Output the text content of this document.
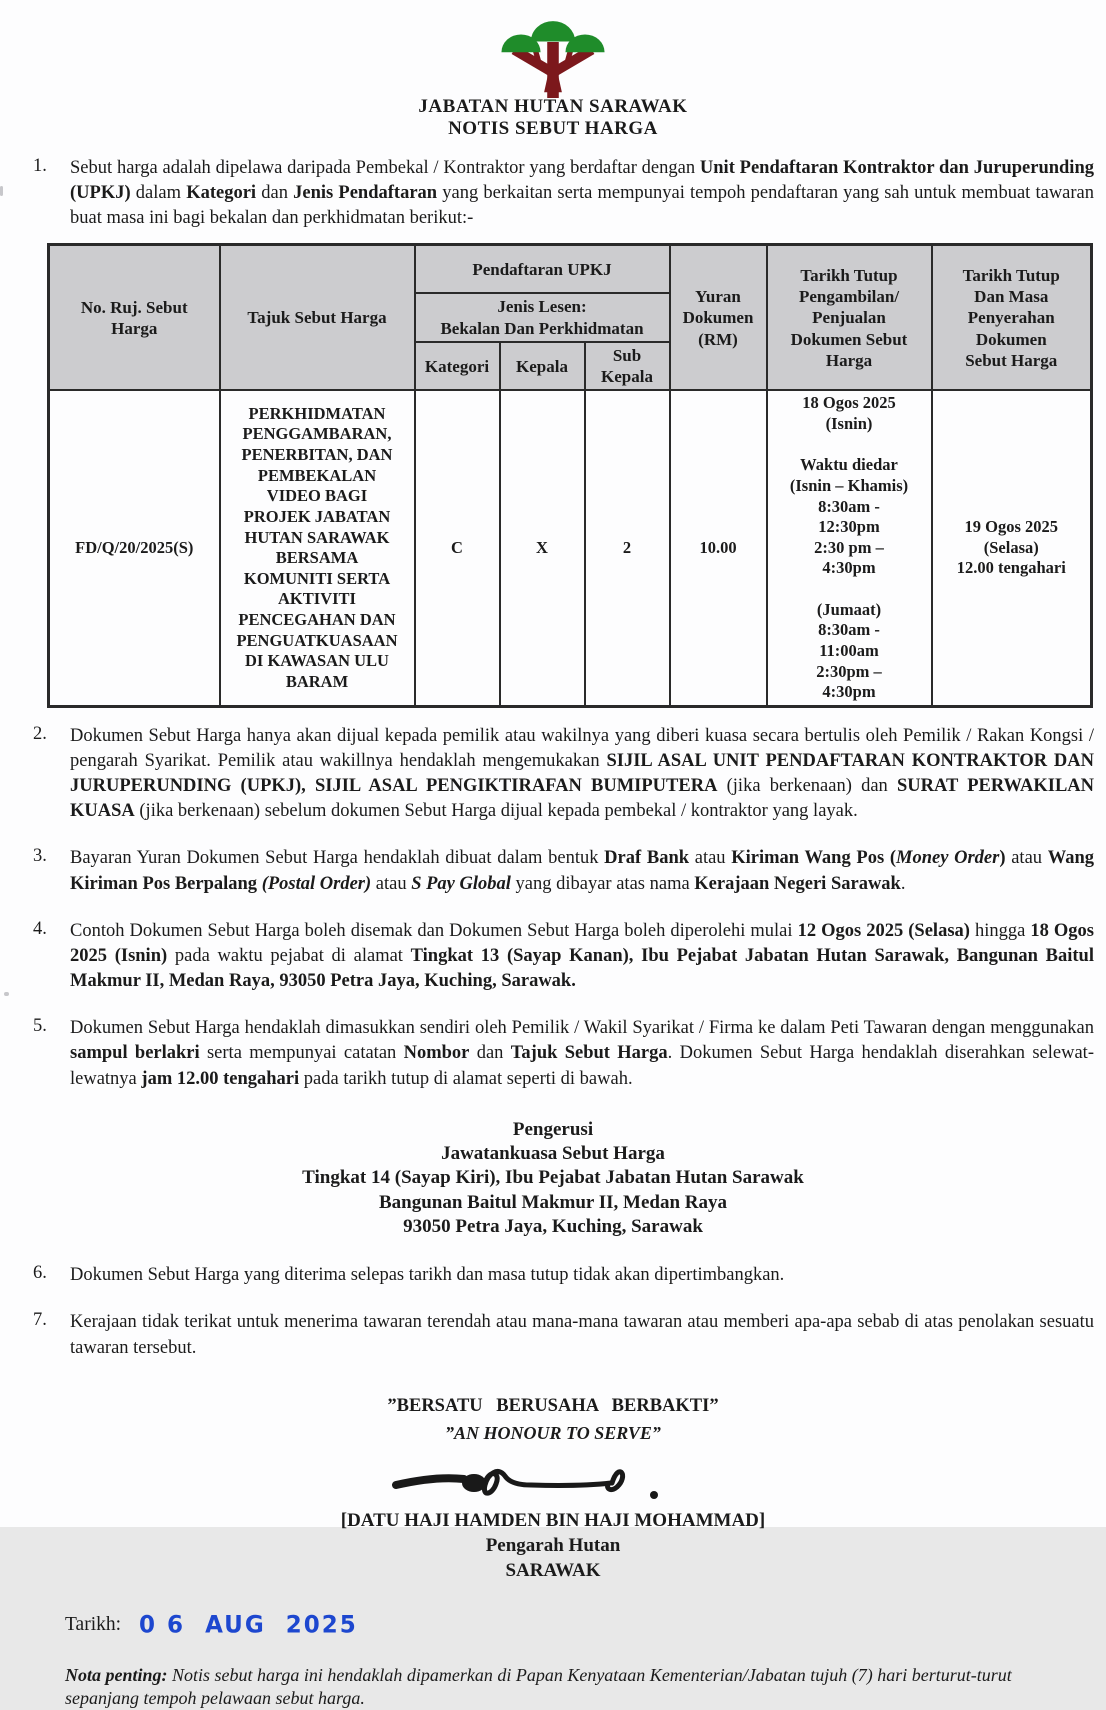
JABATAN HUTAN SARAWAK
NOTIS SEBUT HARGA
1. Sebut harga adalah dipelawa daripada Pembekal / Kontraktor yang berdaftar dengan Unit Pendaftaran Kontraktor dan Juruperunding (UPKJ) dalam Kategori dan Jenis Pendaftaran yang berkaitan serta mempunyai tempoh pendaftaran yang sah untuk membuat tawaran buat masa ini bagi bekalan dan perkhidmatan berikut:-

No. Ruj. Sebut
Harga	Tajuk Sebut Harga	Pendaftaran UPKJ			Yuran
Dokumen
(RM)	Tarikh Tutup
Pengambilan/
Penjualan
Dokumen Sebut
Harga	Tarikh Tutup
Dan Masa
Penyerahan
Dokumen
Sebut Harga
		Jenis Lesen:
Bekalan Dan Perkhidmatan					
		Kategori	Kepala	Sub
Kepala			
FD/Q/20/2025(S)	PERKHIDMATAN
PENGGAMBARAN,
PENERBITAN, DAN
PEMBEKALAN
VIDEO BAGI
PROJEK JABATAN
HUTAN SARAWAK
BERSAMA
KOMUNITI SERTA
AKTIVITI
PENCEGAHAN DAN
PENGUATKUASAAN
DI KAWASAN ULU
BARAM	C	X	2	10.00	18 Ogos 2025
(Isnin)

Waktu diedar
(Isnin – Khamis)
8:30am -
12:30pm
2:30 pm –
4:30pm

(Jumaat)
8:30am -
11:00am
2:30pm –
4:30pm	19 Ogos 2025
(Selasa)
12.00 tengahari
2. Dokumen Sebut Harga hanya akan dijual kepada pemilik atau wakilnya yang diberi kuasa secara bertulis oleh Pemilik / Rakan Kongsi / pengarah Syarikat. Pemilik atau wakillnya hendaklah mengemukakan SIJIL ASAL UNIT PENDAFTARAN KONTRAKTOR DAN JURUPERUNDING (UPKJ), SIJIL ASAL PENGIKTIRAFAN BUMIPUTERA (jika berkenaan) dan SURAT PERWAKILAN KUASA (jika berkenaan) sebelum dokumen Sebut Harga dijual kepada pembekal / kontraktor yang layak.

3. Bayaran Yuran Dokumen Sebut Harga hendaklah dibuat dalam bentuk Draf Bank atau Kiriman Wang Pos (Money Order) atau Wang Kiriman Pos Berpalang (Postal Order) atau S Pay Global yang dibayar atas nama Kerajaan Negeri Sarawak.

4. Contoh Dokumen Sebut Harga boleh disemak dan Dokumen Sebut Harga boleh diperolehi mulai 12 Ogos 2025 (Selasa) hingga 18 Ogos 2025 (Isnin) pada waktu pejabat di alamat Tingkat 13 (Sayap Kanan), Ibu Pejabat Jabatan Hutan Sarawak, Bangunan Baitul Makmur II, Medan Raya, 93050 Petra Jaya, Kuching, Sarawak.

5. Dokumen Sebut Harga hendaklah dimasukkan sendiri oleh Pemilik / Wakil Syarikat / Firma ke dalam Peti Tawaran dengan menggunakan sampul berlakri serta mempunyai catatan Nombor dan Tajuk Sebut Harga. Dokumen Sebut Harga hendaklah diserahkan selewat-lewatnya jam 12.00 tengahari pada tarikh tutup di alamat seperti di bawah.

Pengerusi
Jawatankuasa Sebut Harga
Tingkat 14 (Sayap Kiri), Ibu Pejabat Jabatan Hutan Sarawak
Bangunan Baitul Makmur II, Medan Raya
93050 Petra Jaya, Kuching, Sarawak
6. Dokumen Sebut Harga yang diterima selepas tarikh dan masa tutup tidak akan dipertimbangkan.

7. Kerajaan tidak terikat untuk menerima tawaran terendah atau mana-mana tawaran atau memberi apa-apa sebab di atas penolakan sesuatu tawaran tersebut.

”BERSATU BERUSAHA BERBAKTI”
”AN HONOUR TO SERVE”
[DATU HAJI HAMDEN BIN HAJI MOHAMMAD]
Pengarah Hutan
SARAWAK
Tarikh: 0 6  AUG  2025

Nota penting: Notis sebut harga ini hendaklah dipamerkan di Papan Kenyataan Kementerian/Jabatan tujuh (7) hari berturut-turut sepanjang tempoh pelawaan sebut harga.
